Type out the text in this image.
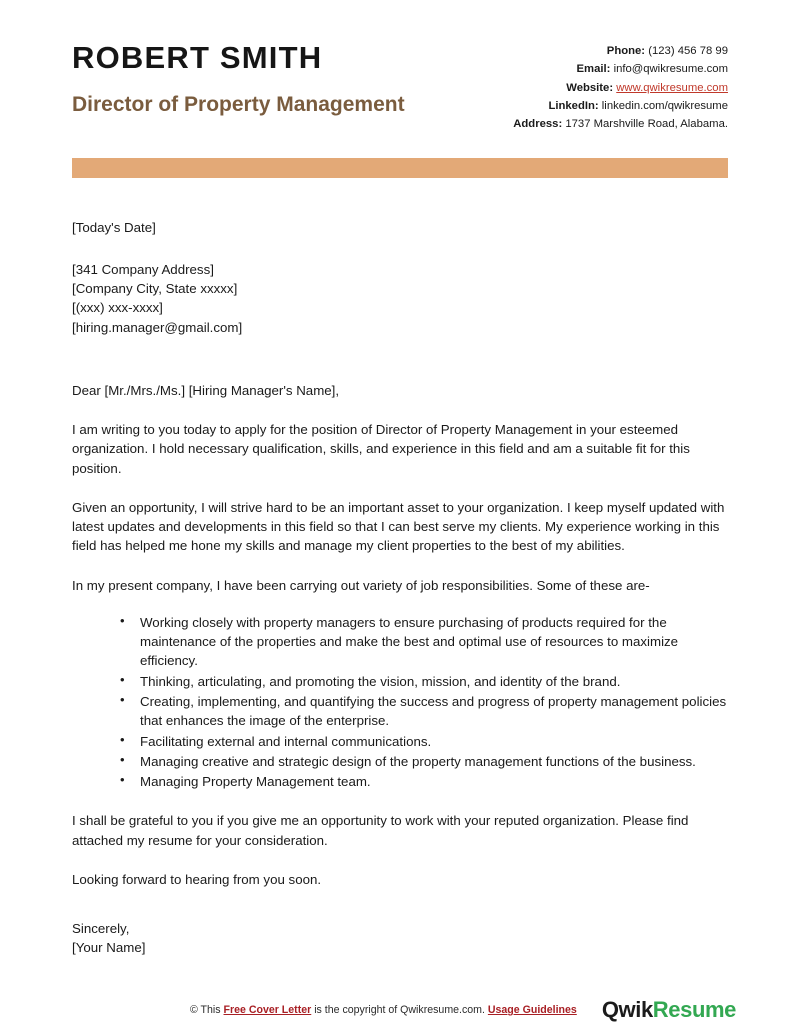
ROBERT SMITH
Director of Property Management
Phone: (123) 456 78 99
Email: info@qwikresume.com
Website: www.qwikresume.com
LinkedIn: linkedin.com/qwikresume
Address: 1737 Marshville Road, Alabama.
[Today's Date]
[341 Company Address]
[Company City, State xxxxx]
[(xxx) xxx-xxxx]
[hiring.manager@gmail.com]
Dear [Mr./Mrs./Ms.] [Hiring Manager's Name],

I am writing to you today to apply for the position of Director of Property Management in your esteemed organization. I hold necessary qualification, skills, and experience in this field and am a suitable fit for this position.

Given an opportunity, I will strive hard to be an important asset to your organization. I keep myself updated with latest updates and developments in this field so that I can best serve my clients. My experience working in this field has helped me hone my skills and manage my client properties to the best of my abilities.

In my present company, I have been carrying out variety of job responsibilities. Some of these are-

• Working closely with property managers to ensure purchasing of products required for the maintenance of the properties and make the best and optimal use of resources to maximize efficiency.
• Thinking, articulating, and promoting the vision, mission, and identity of the brand.
• Creating, implementing, and quantifying the success and progress of property management policies that enhances the image of the enterprise.
• Facilitating external and internal communications.
• Managing creative and strategic design of the property management functions of the business.
• Managing Property Management team.

I shall be grateful to you if you give me an opportunity to work with your reputed organization. Please find attached my resume for your consideration.

Looking forward to hearing from you soon.

Sincerely,
[Your Name]
© This Free Cover Letter is the copyright of Qwikresume.com. Usage Guidelines QwikResume
